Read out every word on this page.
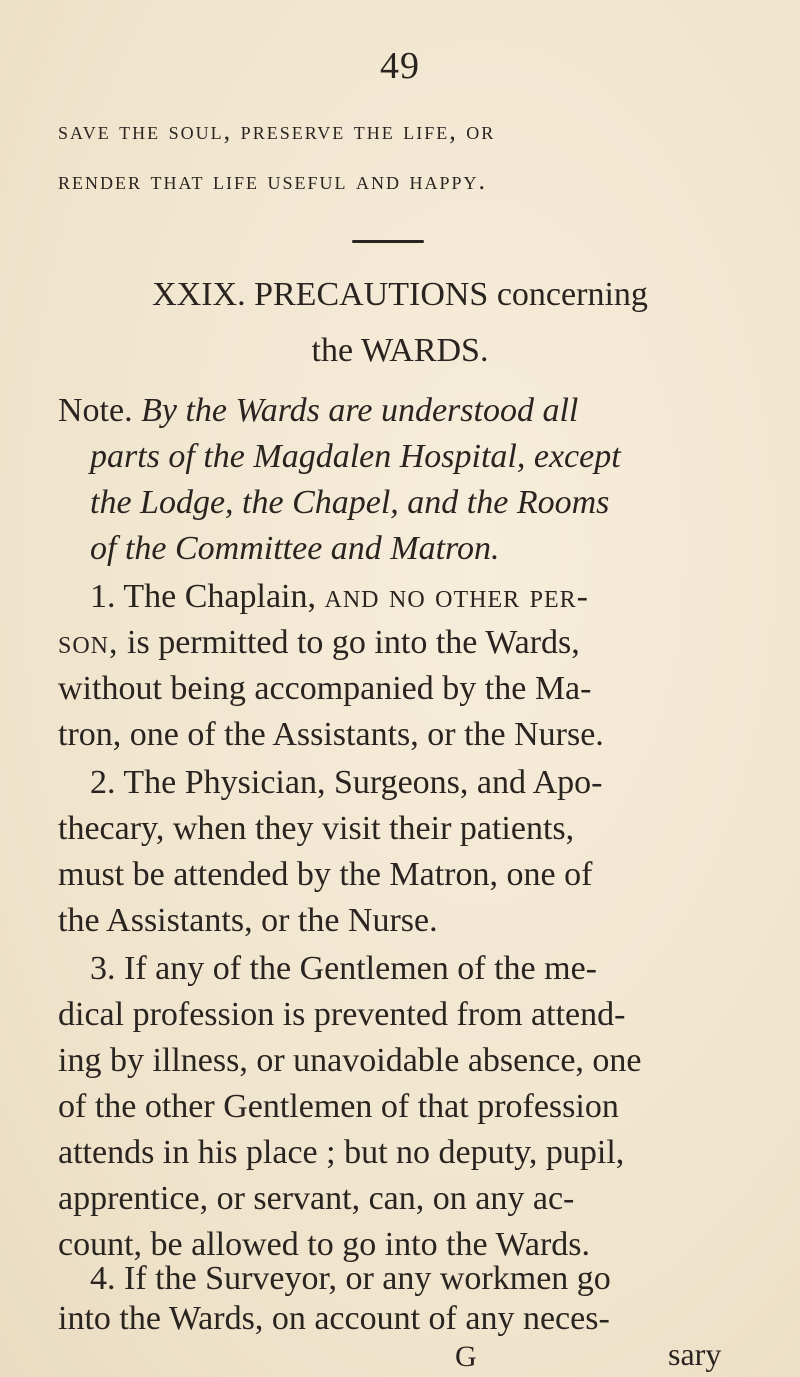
49
save the soul, preserve the life, or
render that life useful and happy.
XXIX. PRECAUTIONS concerning
the WARDS.
Note. By the Wards are understood all
parts of the Magdalen Hospital, except
the Lodge, the Chapel, and the Rooms
of the Committee and Matron.
1. The Chaplain, and no other per-
son, is permitted to go into the Wards,
without being accompanied by the Ma-
tron, one of the Assistants, or the Nurse.
2. The Physician, Surgeons, and Apo-
thecary, when they visit their patients,
must be attended by the Matron, one of
the Assistants, or the Nurse.
3. If any of the Gentlemen of the me-
dical profession is prevented from attend-
ing by illness, or unavoidable absence, one
of the other Gentlemen of that profession
attends in his place ; but no deputy, pupil,
apprentice, or servant, can, on any ac-
count, be allowed to go into the Wards.
4. If the Surveyor, or any workmen go
into the Wards, on account of any neces-
G	sary
